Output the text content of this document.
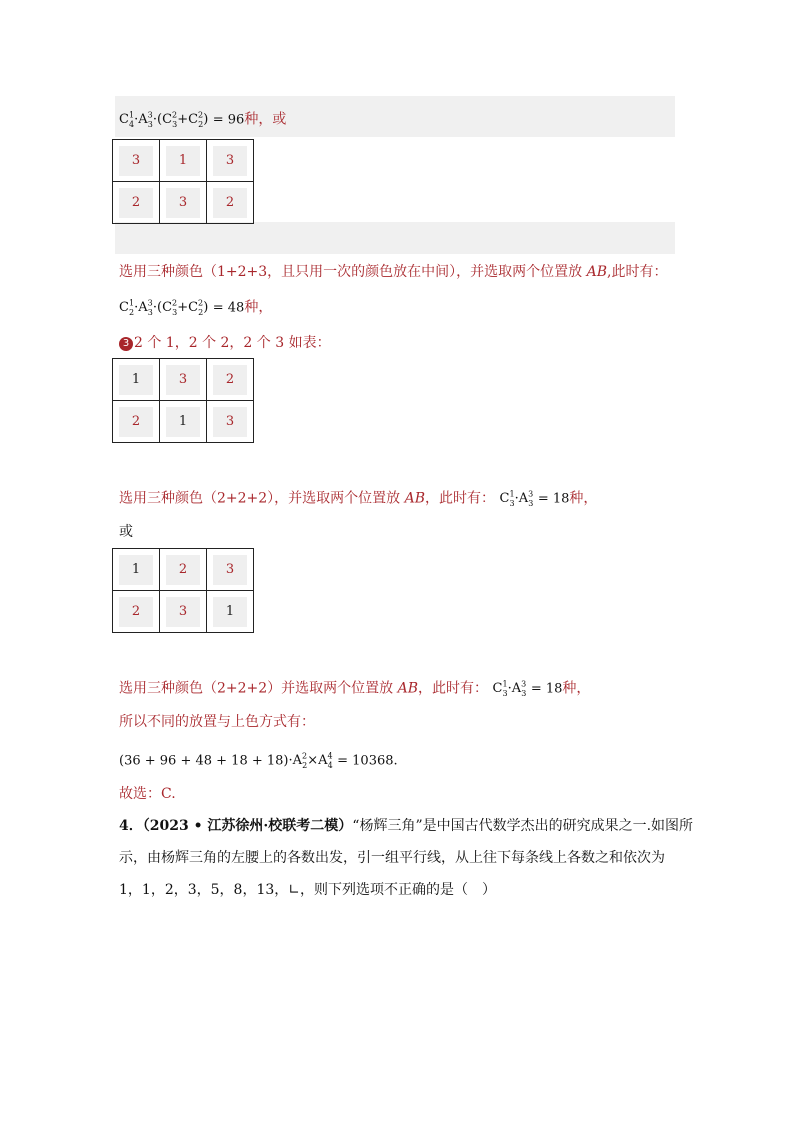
$C^1_4\cdot A^3_3\cdot(C^2_3+C^2_2) = 96$种，或
3	1	3
2	3	2
选用三种颜色（1+2+3，且只用一次的颜色放在中间），并选取两个位置放 AB,此时有：
$C^1_2\cdot A^3_3\cdot(C^2_3+C^2_2) = 48$种，
3 2 个 1，2 个 2，2 个 3 如表：
1	3	2
2	1	3
选用三种颜色（2+2+2），并选取两个位置放 AB，此时有： $C^1_3\cdot A^3_3 = 18$种，
或
1	2	3
2	3	1
选用三种颜色（2+2+2）并选取两个位置放 AB，此时有： $C^1_3\cdot A^3_3 = 18$种，
所以不同的放置与上色方式有：
$(36 + 96 + 48 + 18 + 18)\cdot A^2_2\times A^4_4 = 10368$.
故选：C.
4．（2023 • 江苏徐州·校联考二模）“杨辉三角”是中国古代数学杰出的研究成果之一.如图所
示，由杨辉三角的左腰上的各数出发，引一组平行线，从上往下每条线上各数之和依次为
1，1，2，3，5，8，13，∟，则下列选项不正确的是（　）
